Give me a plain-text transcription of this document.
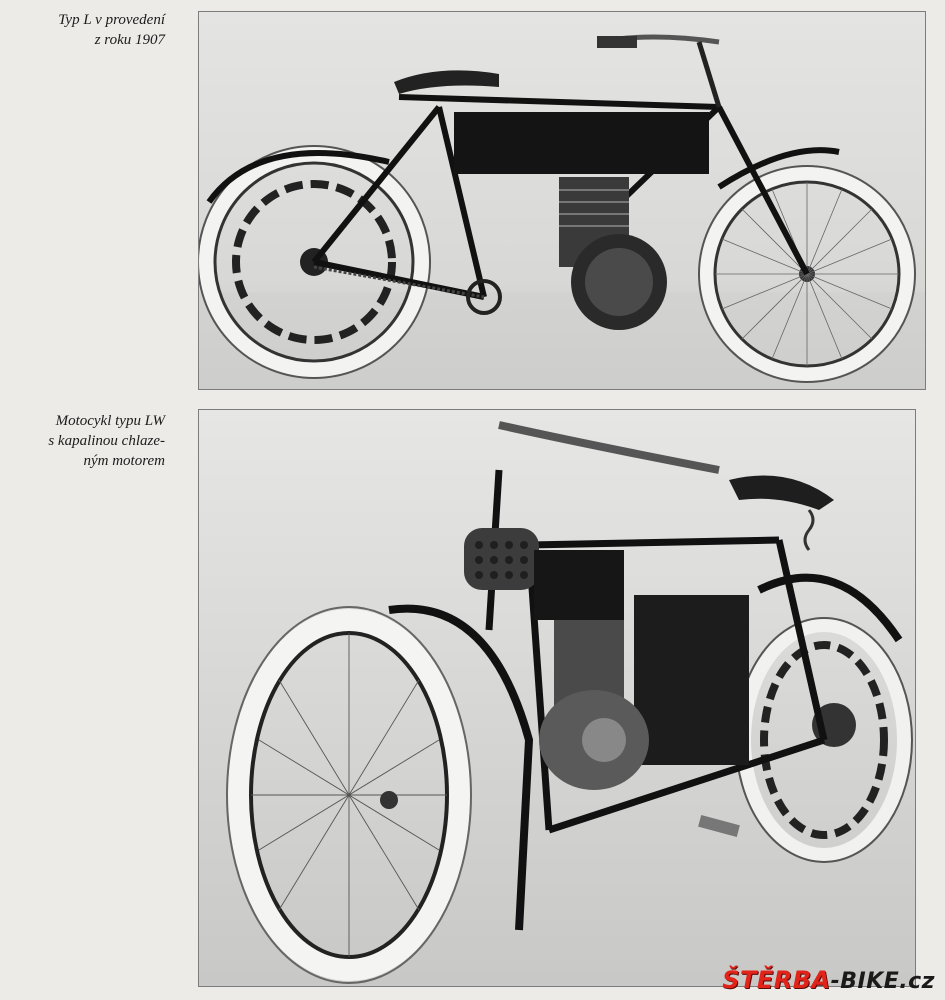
Typ L v provedení
z roku 1907
Motocykl typu LW
s kapalinou chlaze-
ným motorem
ŠTĚRBA-BIKE.cz
